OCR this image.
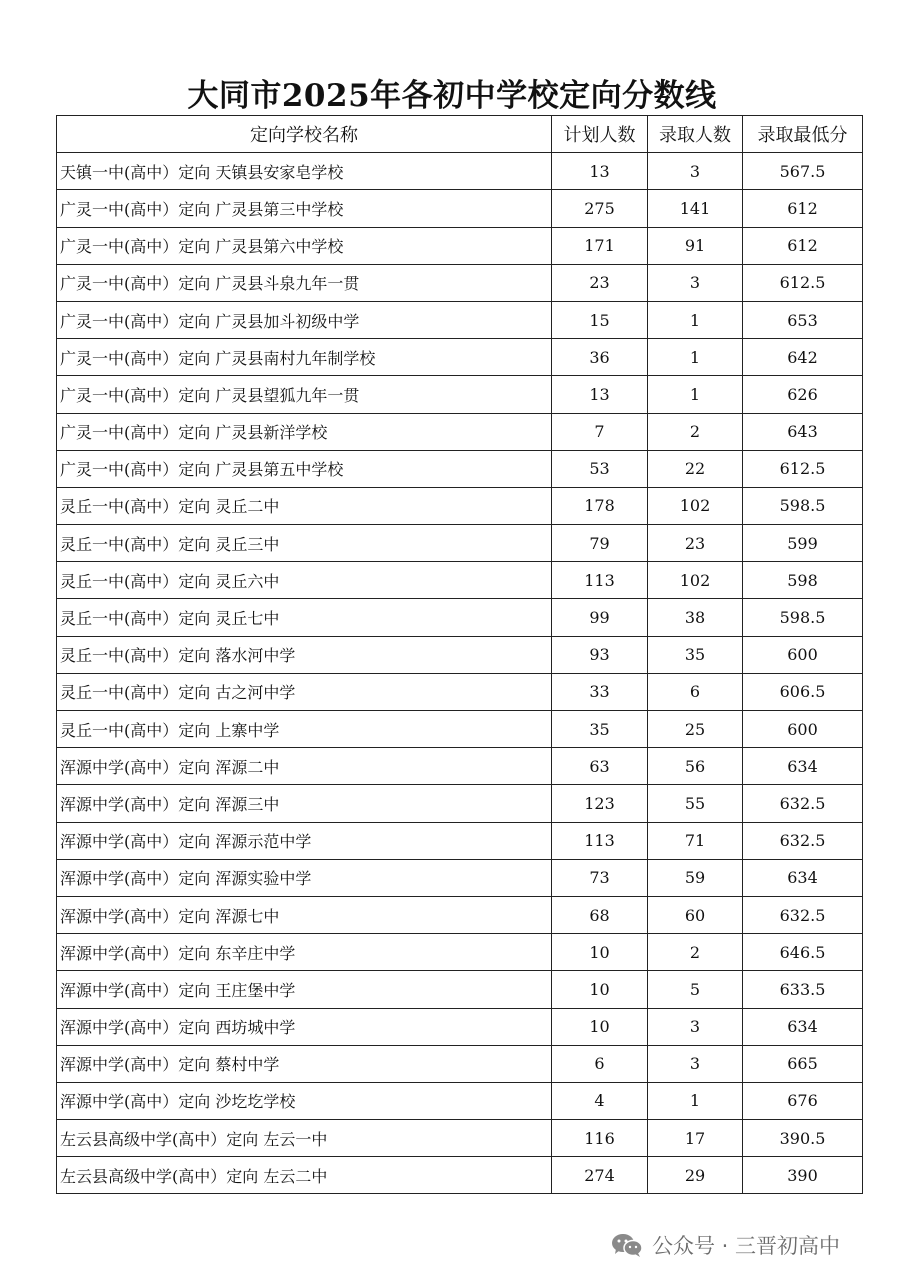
大同市2025年各初中学校定向分数线
定向学校名称	计划人数	录取人数	录取最低分
天镇一中(高中）定向 天镇县安家皂学校	13	3	567.5
广灵一中(高中）定向 广灵县第三中学校	275	141	612
广灵一中(高中）定向 广灵县第六中学校	171	91	612
广灵一中(高中）定向 广灵县斗泉九年一贯	23	3	612.5
广灵一中(高中）定向 广灵县加斗初级中学	15	1	653
广灵一中(高中）定向 广灵县南村九年制学校	36	1	642
广灵一中(高中）定向 广灵县望狐九年一贯	13	1	626
广灵一中(高中）定向 广灵县新洋学校	7	2	643
广灵一中(高中）定向 广灵县第五中学校	53	22	612.5
灵丘一中(高中）定向 灵丘二中	178	102	598.5
灵丘一中(高中）定向 灵丘三中	79	23	599
灵丘一中(高中）定向 灵丘六中	113	102	598
灵丘一中(高中）定向 灵丘七中	99	38	598.5
灵丘一中(高中）定向 落水河中学	93	35	600
灵丘一中(高中）定向 古之河中学	33	6	606.5
灵丘一中(高中）定向 上寨中学	35	25	600
浑源中学(高中）定向 浑源二中	63	56	634
浑源中学(高中）定向 浑源三中	123	55	632.5
浑源中学(高中）定向 浑源示范中学	113	71	632.5
浑源中学(高中）定向 浑源实验中学	73	59	634
浑源中学(高中）定向 浑源七中	68	60	632.5
浑源中学(高中）定向 东辛庄中学	10	2	646.5
浑源中学(高中）定向 王庄堡中学	10	5	633.5
浑源中学(高中）定向 西坊城中学	10	3	634
浑源中学(高中）定向 蔡村中学	6	3	665
浑源中学(高中）定向 沙圪圪学校	4	1	676
左云县高级中学(高中）定向 左云一中	116	17	390.5
左云县高级中学(高中）定向 左云二中	274	29	390
公众号 · 三晋初高中
